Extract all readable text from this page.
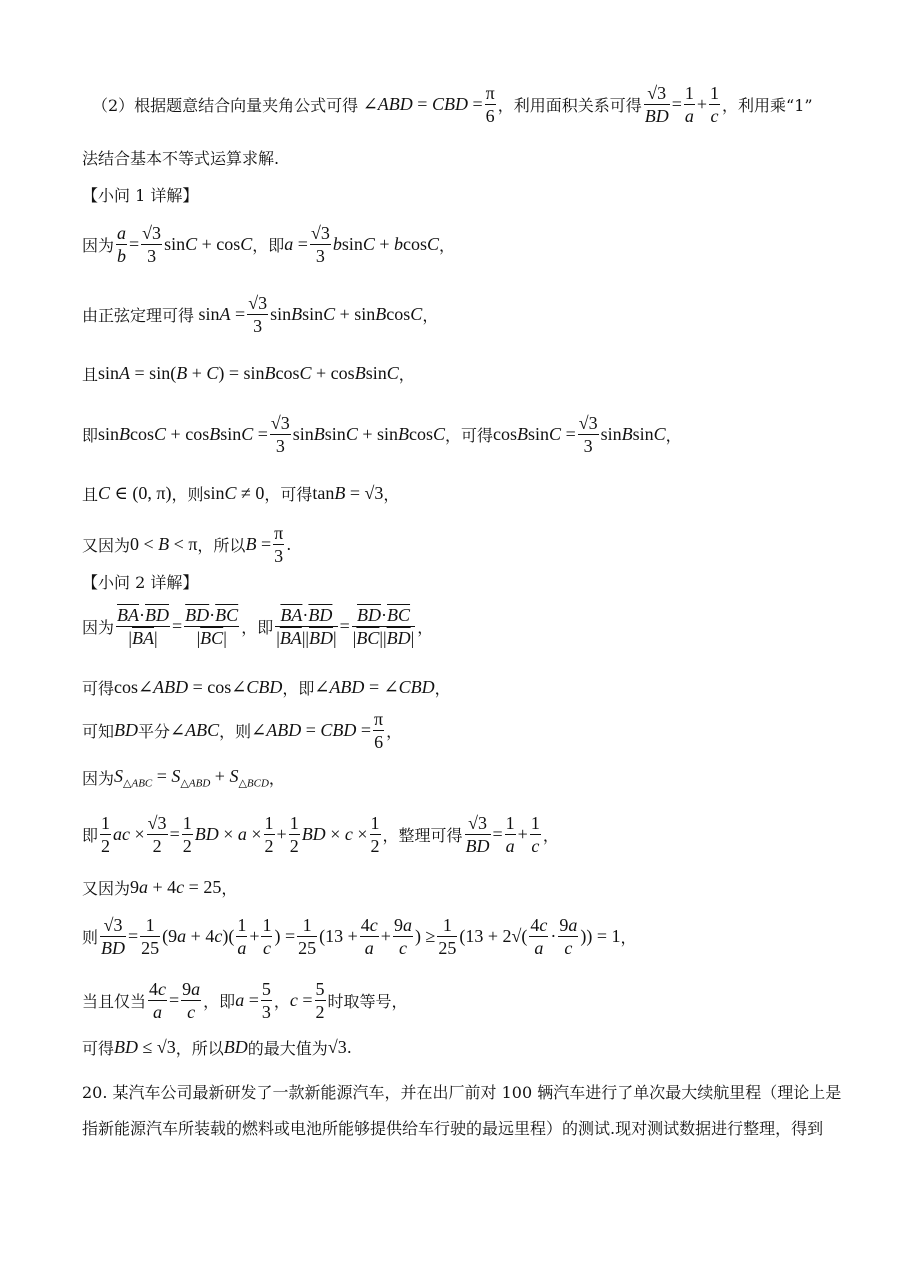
（2）根据题意结合向量夹角公式可得 ∠ABD = CBD = $\frac{\pi}{6}$ ，利用面积关系可得 $\frac{√3}{BD} = \frac{1}{a} + \frac{1}{c}$ ，利用乘“1”
法结合基本不等式运算求解.
【小问 1 详解】
因为 $\frac{a}{b} = \frac{√3}{3}$ sinC + cosC ，即 $a = \frac{√3}{3}$ bsinC + bcosC ，
由正弦定理可得 $\sin A = \frac{√3}{3}$ sinBsinC + sinBcosC ，
且 sinA = sin(B + C) = sinBcosC + cosBsinC ，
即 sinBcosC + cosBsinC = $\frac{√3}{3}$ sinBsinC + sinBcosC ，可得 cosBsinC = $\frac{√3}{3}$ sinBsinC ，
且 C ∈ (0, π) ，则 sinC ≠ 0 ，可得 tanB = √3 ，
又因为 0 < B < π ，所以 $B = \frac{\pi}{3}$ .
【小问 2 详解】
因为 $\frac{\overline{BA}\cdot\overline{BD}}{|\overline{BA}|} = \frac{\overline{BD}\cdot\overline{BC}}{|\overline{BC}|}$ ，即 $\frac{\overline{BA}\cdot\overline{BD}}{|\overline{BA}||\overline{BD}|} = \frac{\overline{BD}\cdot\overline{BC}}{|\overline{BC}||\overline{BD}|}$ ，
可得 cos∠ABD = cos∠CBD ，即 ∠ABD = ∠CBD ，
可知 BD 平分 ∠ABC ，则 ∠ABD = CBD = $\frac{\pi}{6}$ ，
因为 $S_{\triangle ABC} = S_{\triangle ABD} + S_{\triangle BCD}$ ，
即 $\frac{1}{2}$ ac × $\frac{√3}{2} = \frac{1}{2}$ BD × $a \times \frac{1}{2} + \frac{1}{2}$ BD × $c \times \frac{1}{2}$ ，整理可得 $\frac{√3}{BD} = \frac{1}{a} + \frac{1}{c}$ ，
又因为 9a + 4c = 25 ，
则 $\frac{√3}{BD} = \frac{1}{25} (9a + 4c)( \frac{1}{a} + \frac{1}{c}$ ) = $\frac{1}{25} (13 + \frac{4c}{a} + \frac{9a}{c}$ ) ≥ $\frac{1}{25} (13 + 2√( \frac{4c}{a} \cdot \frac{9a}{c}$ )) = 1 ，
当且仅当 $\frac{4c}{a} = \frac{9a}{c}$ ，即 $a = \frac{5}{3}$ ， $c = \frac{5}{2}$ 时取等号，
可得 BD ≤ √3 ，所以 BD 的最大值为 √3 .
20. 某汽车公司最新研发了一款新能源汽车，并在出厂前对 100 辆汽车进行了单次最大续航里程（理论上是
指新能源汽车所装载的燃料或电池所能够提供给车行驶的最远里程）的测试.现对测试数据进行整理，得到
